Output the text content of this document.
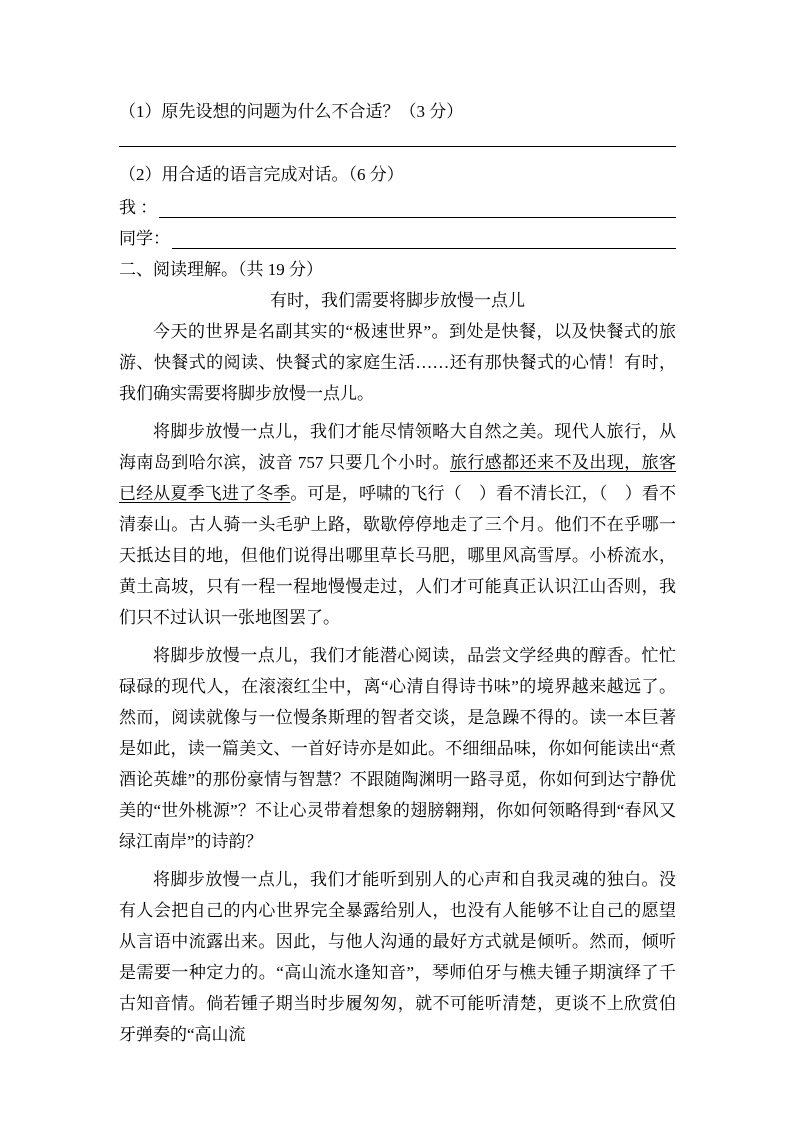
（1）原先设想的问题为什么不合适？（3 分）

（2）用合适的语言完成对话。（6 分）

我 ：
同学：

二、阅读理解。（共 19 分）

有时，我们需要将脚步放慢一点儿

今天的世界是名副其实的“极速世界”。到处是快餐，以及快餐式的旅游、快餐式的阅读、快餐式的家庭生活……还有那快餐式的心情！有时，我们确实需要将脚步放慢一点儿。

将脚步放慢一点儿，我们才能尽情领略大自然之美。现代人旅行，从海南岛到哈尔滨，波音 757 只要几个小时。旅行感都还来不及出现，旅客已经从夏季飞进了冬季。可是，呼啸的飞行（　）看不清长江，（　）看不清泰山。古人骑一头毛驴上路，歇歇停停地走了三个月。他们不在乎哪一天抵达目的地，但他们说得出哪里草长马肥，哪里风高雪厚。小桥流水，黄土高坡，只有一程一程地慢慢走过，人们才可能真正认识江山否则，我们只不过认识一张地图罢了。

将脚步放慢一点儿，我们才能潜心阅读，品尝文学经典的醇香。忙忙碌碌的现代人，在滚滚红尘中，离“心清自得诗书味”的境界越来越远了。然而，阅读就像与一位慢条斯理的智者交谈，是急躁不得的。读一本巨著是如此，读一篇美文、一首好诗亦是如此。不细细品味，你如何能读出“煮酒论英雄”的那份豪情与智慧？不跟随陶渊明一路寻觅，你如何到达宁静优美的“世外桃源”？不让心灵带着想象的翅膀翱翔，你如何领略得到“春风又绿江南岸”的诗韵？

将脚步放慢一点儿，我们才能听到别人的心声和自我灵魂的独白。没有人会把自己的内心世界完全暴露给别人，也没有人能够不让自己的愿望从言语中流露出来。因此，与他人沟通的最好方式就是倾听。然而，倾听是需要一种定力的。“高山流水逢知音”，琴师伯牙与樵夫锺子期演绎了千古知音情。倘若锺子期当时步履匆匆，就不可能听清楚，更谈不上欣赏伯牙弹奏的“高山流
